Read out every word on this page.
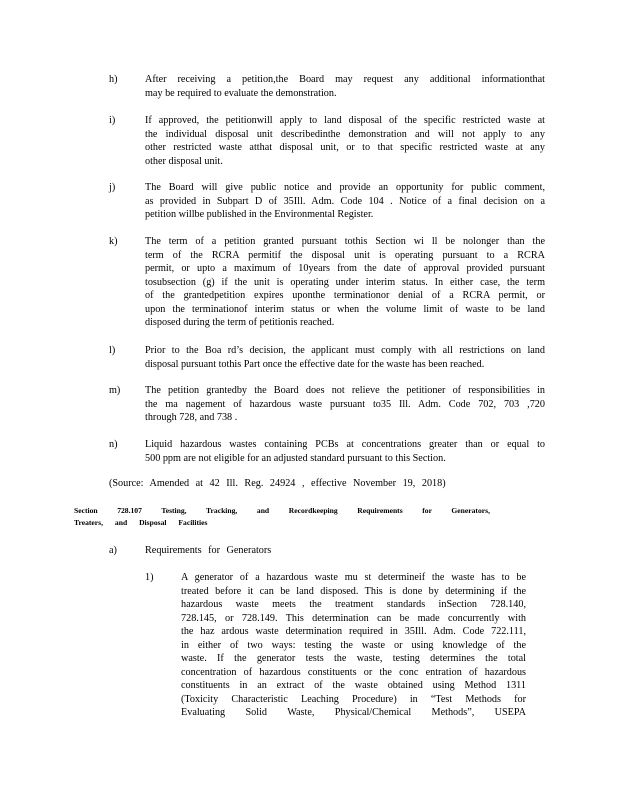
h)	After receiving a petition,the Board may request any additional informationthat
may be required to evaluate the demonstration.
i)	If approved, the petitionwill apply to land disposal of the specific restricted waste at
the individual disposal unit describedinthe demonstration and will not apply to any
other restricted waste atthat disposal unit, or to that specific restricted waste at any
other disposal unit.
j)	The Board will give public notice and provide an opportunity for public comment,
as provided in Subpart D of 35Ill. Adm. Code 104 . Notice of a final decision on a
petition willbe published in the Environmental Register.
k)	The term of a petition granted pursuant tothis Section wi ll be nolonger than the
term of the RCRA permitif the disposal unit is operating pursuant to a RCRA
permit, or upto a maximum of 10years from the date of approval provided pursuant
tosubsection (g) if the unit is operating under interim status. In either case, the term
of the grantedpetition expires uponthe terminationor denial of a RCRA permit, or
upon the terminationof interim status or when the volume limit of waste to be land
disposed during the term of petitionis reached.
l)	Prior to the Boa rd’s decision, the applicant must comply with all restrictions on land
disposal pursuant tothis Part once the effective date for the waste has been reached.
m)	The petition grantedby the Board does not relieve the petitioner of responsibilities in
the ma nagement of hazardous waste pursuant to35 Ill. Adm. Code 702, 703 ,720
through 728, and 738 .
n)	Liquid hazardous wastes containing PCBs at concentrations greater than or equal to
500 ppm are not eligible for an adjusted standard pursuant to this Section.
(Source: Amended at 42 Ill. Reg. 24924 , effective November 19, 2018)
Section	728.107	Testing,	Tracking,	and	Recordkeeping	Requirements	for	Generators,
Treaters, and Disposal Facilities
a)	Requirements for Generators
1)	A generator of a hazardous waste mu st determineif the waste has to be
treated before it can be land disposed. This is done by determining if the
hazardous waste meets the treatment standards inSection 728.140,
728.145, or 728.149. This determination can be made concurrently with
the haz ardous waste determination required in 35Ill. Adm. Code 722.111,
in either of two ways: testing the waste or using knowledge of the
waste. If the generator tests the waste, testing determines the total
concentration of hazardous constituents or the conc entration of hazardous
constituents in an extract of the waste obtained using Method 1311
(Toxicity Characteristic Leaching Procedure) in “Test Methods for
Evaluating Solid Waste, Physical/Chemical Methods”, USEPA
